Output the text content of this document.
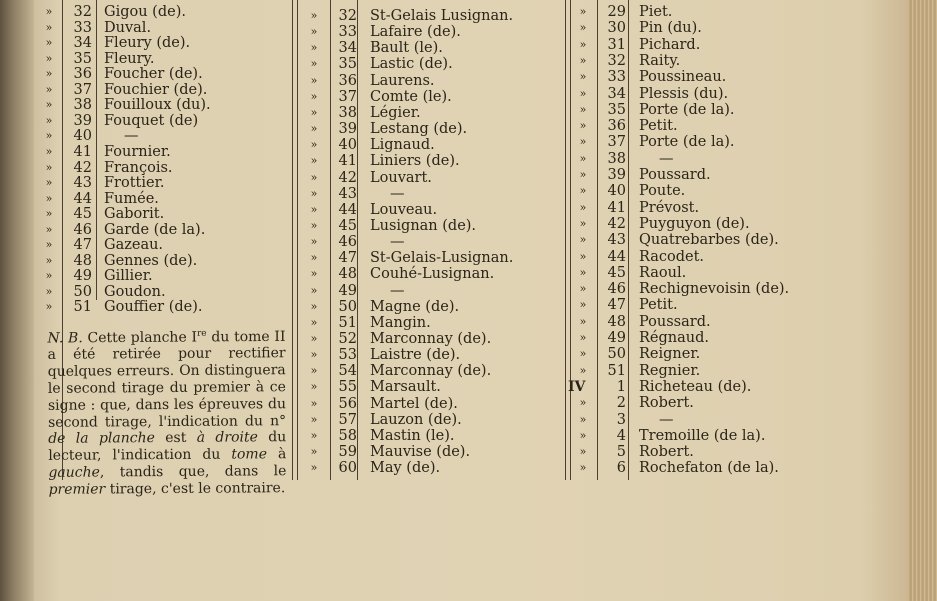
»	32 Gigou (de).
»	33 Duval.
»	34 Fleury (de).
»	35 Fleury.
»	36 Foucher (de).
»	37 Fouchier (de).
»	38 Fouilloux (du).
»	39 Fouquet (de)
»	40 —
»	41 Fournier.
»	42 François.
»	43 Frottier.
»	44 Fumée.
»	45 Gaborit.
»	46 Garde (de la).
»	47 Gazeau.
»	48 Gennes (de).
»	49 Gillier.
»	50 Goudon.
»	51 Gouffier (de).
»	32 St-Gelais Lusignan.
»	33 Lafaire (de).
»	34 Bault (le).
»	35 Lastic (de).
»	36 Laurens.
»	37 Comte (le).
»	38 Légier.
»	39 Lestang (de).
»	40 Lignaud.
»	41 Liniers (de).
»	42 Louvart.
»	43 —
»	44 Louveau.
»	45 Lusignan (de).
»	46 —
»	47 St-Gelais-Lusignan.
»	48 Couhé-Lusignan.
»	49 —
»	50 Magne (de).
»	51 Mangin.
»	52 Marconnay (de).
»	53 Laistre (de).
»	54 Marconnay (de).
»	55 Marsault.
»	56 Martel (de).
»	57 Lauzon (de).
»	58 Mastin (le).
»	59 Mauvise (de).
»	60 May (de).
»	29 Piet.
»	30 Pin (du).
»	31 Pichard.
»	32 Raity.
»	33 Poussineau.
»	34 Plessis (du).
»	35 Porte (de la).
»	36 Petit.
»	37 Porte (de la).
»	38 —
»	39 Poussard.
»	40 Poute.
»	41 Prévost.
»	42 Puyguyon (de).
»	43 Quatrebarbes (de).
»	44 Racodet.
»	45 Raoul.
»	46 Rechignevoisin (de).
»	47 Petit.
»	48 Poussard.
»	49 Régnaud.
»	50 Reigner.
»	51 Regnier.
IV	1 Richeteau (de).
»	2 Robert.
»	3 —
»	4 Tremoille (de la).
»	5 Robert.
»	6 Rochefaton (de la).
N. B. Cette planche Ire du tome II a été retirée pour rectifier quelques erreurs. On distinguera le second tirage du premier à ce signe : que, dans les épreuves du second tirage, l'indication du n° de la planche est à droite du lecteur, l'indication du tome à gauche, tandis que, dans le premier tirage, c'est le contraire.
